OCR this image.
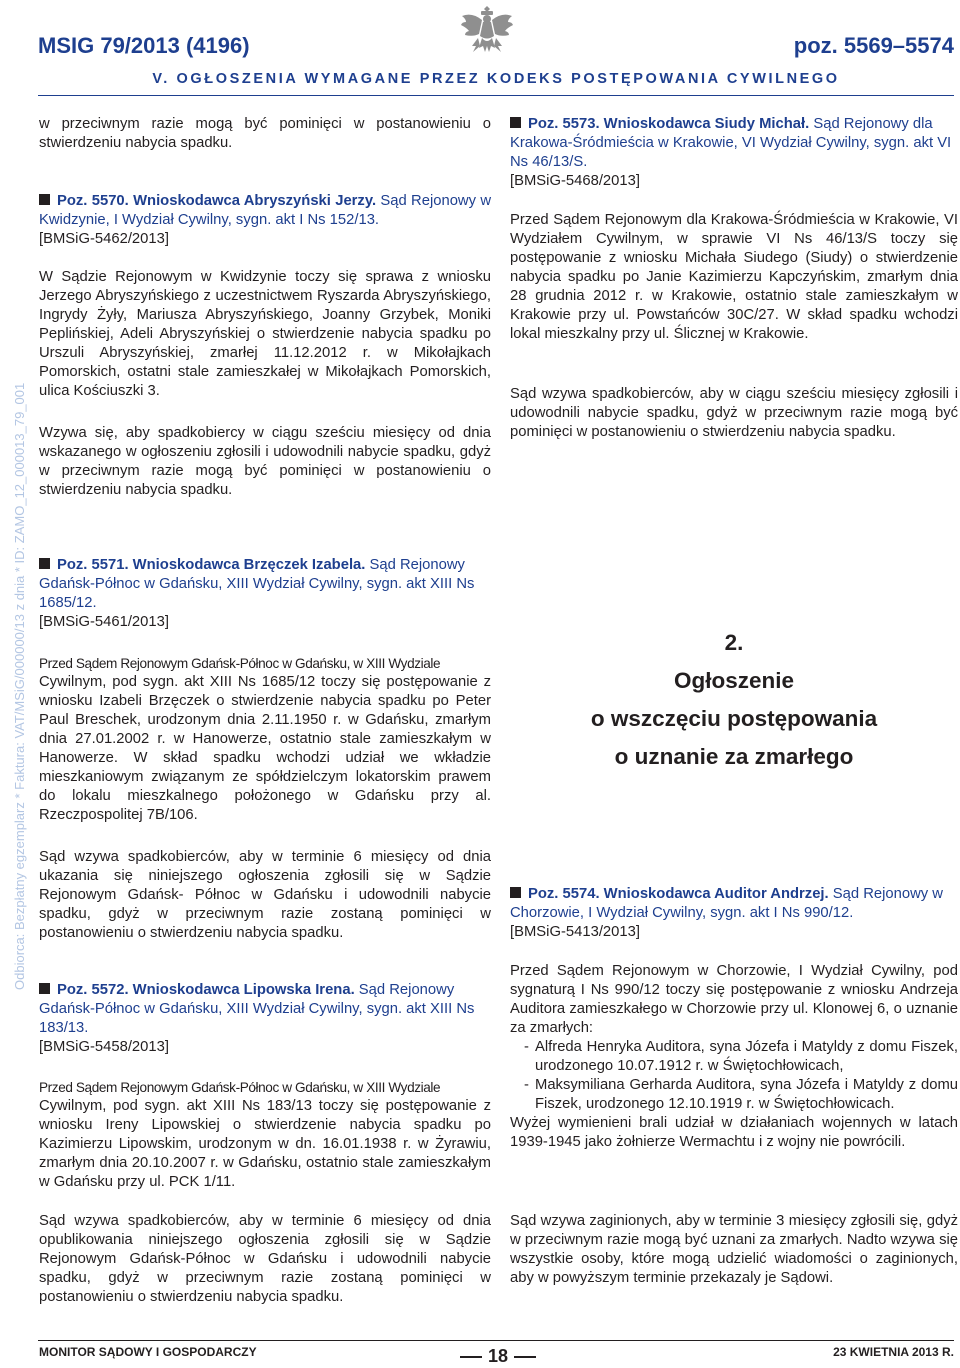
MSIG 79/2013 (4196)	poz. 5569–5574
V. OGŁOSZENIA WYMAGANE PRZEZ KODEKS POSTĘPOWANIA CYWILNEGO
Odbiorca: Bezpłatny egzemplarz * Faktura: VAT/MSiG/000000/13 z dnia * ID: ZAMO_12_000013_79_001

w przeciwnym razie mogą być pominięci w postanowieniu o stwierdzeniu nabycia spadku.

Poz. 5570. Wnioskodawca Abryszyński Jerzy. Sąd Rejonowy w Kwidzynie, I Wydział Cywilny, sygn. akt I Ns 152/13.

[BMSiG-5462/2013]

W Sądzie Rejonowym w Kwidzynie toczy się sprawa z wniosku Jerzego Abryszyńskiego z uczestnictwem Ryszarda Abryszyńskiego, Ingrydy Żyły, Mariusza Abryszyńskiego, Joanny Grzybek, Moniki Peplińskiej, Adeli Abryszyńskiej o stwierdzenie nabycia spadku po Urszuli Abryszyńskiej, zmarłej 11.12.2012 r. w Mikołajkach Pomorskich, ostatni stale zamieszkałej w Mikołajkach Pomorskich, ulica Kościuszki 3.

Wzywa się, aby spadkobiercy w ciągu sześciu miesięcy od dnia wskazanego w ogłoszeniu zgłosili i udowodnili nabycie spadku, gdyż w przeciwnym razie mogą być pominięci w postanowieniu o stwierdzeniu nabycia spadku.

Poz. 5571. Wnioskodawca Brzęczek Izabela. Sąd Rejonowy Gdańsk-Północ w Gdańsku, XIII Wydział Cywilny, sygn. akt XIII Ns 1685/12.

[BMSiG-5461/2013]

Przed Sądem Rejonowym Gdańsk-Północ w Gdańsku, w XIII Wydziale

Cywilnym, pod sygn. akt XIII Ns 1685/12 toczy się postępowanie z wniosku Izabeli Brzęczek o stwierdzenie nabycia spadku po Peter Paul Breschek, urodzonym dnia 2.11.1950 r. w Gdańsku, zmarłym dnia 27.01.2002 r. w Hanowerze, ostatnio stale zamieszkałym w Hanowerze. W skład spadku wchodzi udział we wkładzie mieszkaniowym związanym ze spółdzielczym lokatorskim prawem do lokalu mieszkalnego położonego w Gdańsku przy al. Rzeczpospolitej 7B/106.

Sąd wzywa spadkobierców, aby w terminie 6 miesięcy od dnia ukazania się niniejszego ogłoszenia zgłosili się w Sądzie Rejonowym Gdańsk- Północ w Gdańsku i udowodnili nabycie spadku, gdyż w przeciwnym razie zostaną pominięci w postanowieniu o stwierdzeniu nabycia spadku.

Poz. 5572. Wnioskodawca Lipowska Irena. Sąd Rejonowy Gdańsk-Północ w Gdańsku, XIII Wydział Cywilny, sygn. akt XIII Ns 183/13.

[BMSiG-5458/2013]

Przed Sądem Rejonowym Gdańsk-Północ w Gdańsku, w XIII Wydziale

Cywilnym, pod sygn. akt XIII Ns 183/13 toczy się postępowanie z wniosku Ireny Lipowskiej o stwierdzenie nabycia spadku po Kazimierzu Lipowskim, urodzonym w dn. 16.01.1938 r. w Żyrawiu, zmarłym dnia 20.10.2007 r. w Gdańsku, ostatnio stale zamieszkałym w Gdańsku przy ul. PCK 1/11.

Sąd wzywa spadkobierców, aby w terminie 6 miesięcy od dnia opublikowania niniejszego ogłoszenia zgłosili się w Sądzie Rejonowym Gdańsk-Północ w Gdańsku i udowodnili nabycie spadku, gdyż w przeciwnym razie zostaną pominięci w postanowieniu o stwierdzeniu nabycia spadku.

Poz. 5573. Wnioskodawca Siudy Michał. Sąd Rejonowy dla Krakowa-Śródmieścia w Krakowie, VI Wydział Cywilny, sygn. akt VI Ns 46/13/S.

[BMSiG-5468/2013]

Przed Sądem Rejonowym dla Krakowa-Śródmieścia w Krakowie, VI Wydziałem Cywilnym, w sprawie VI Ns 46/13/S toczy się postępowanie z wniosku Michała Siudego (Siudy) o stwierdzenie nabycia spadku po Janie Kazimierzu Kapczyńskim, zmarłym dnia 28 grudnia 2012 r. w Krakowie, ostatnio stale zamieszkałym w Krakowie przy ul. Powstańców 30C/27. W skład spadku wchodzi lokal mieszkalny przy ul. Ślicznej w Krakowie.

Sąd wzywa spadkobierców, aby w ciągu sześciu miesięcy zgłosili i udowodnili nabycie spadku, gdyż w przeciwnym razie mogą być pominięci w postanowieniu o stwierdzeniu nabycia spadku.

Poz. 5574. Wnioskodawca Auditor Andrzej. Sąd Rejonowy w Chorzowie, I Wydział Cywilny, sygn. akt I Ns 990/12.

[BMSiG-5413/2013]

Przed Sądem Rejonowym w Chorzowie, I Wydział Cywilny, pod sygnaturą I Ns 990/12 toczy się postępowanie z wniosku Andrzeja Auditora zamieszkałego w Chorzowie przy ul. Klonowej 6, o uznanie za zmarłych:

- Alfreda Henryka Auditora, syna Józefa i Matyldy z domu Fiszek, urodzonego 10.07.1912 r. w Świętochłowicach,
- Maksymiliana Gerharda Auditora, syna Józefa i Matyldy z domu Fiszek, urodzonego 12.10.1919 r. w Świętochłowicach.

Wyżej wymienieni brali udział w działaniach wojennych w latach 1939-1945 jako żołnierze Wermachtu i z wojny nie powrócili.

Sąd wzywa zaginionych, aby w terminie 3 miesięcy zgłosili się, gdyż w przeciwnym razie mogą być uznani za zmarłych. Nadto wzywa się wszystkie osoby, które mogą udzielić wiadomości o zaginionych, aby w powyższym terminie przekazaly je Sądowi.

2.
Ogłoszenie
o wszczęciu postępowania
o uznanie za zmarłego
MONITOR SĄDOWY I GOSPODARCZY	18	23 KWIETNIA 2013 R.
